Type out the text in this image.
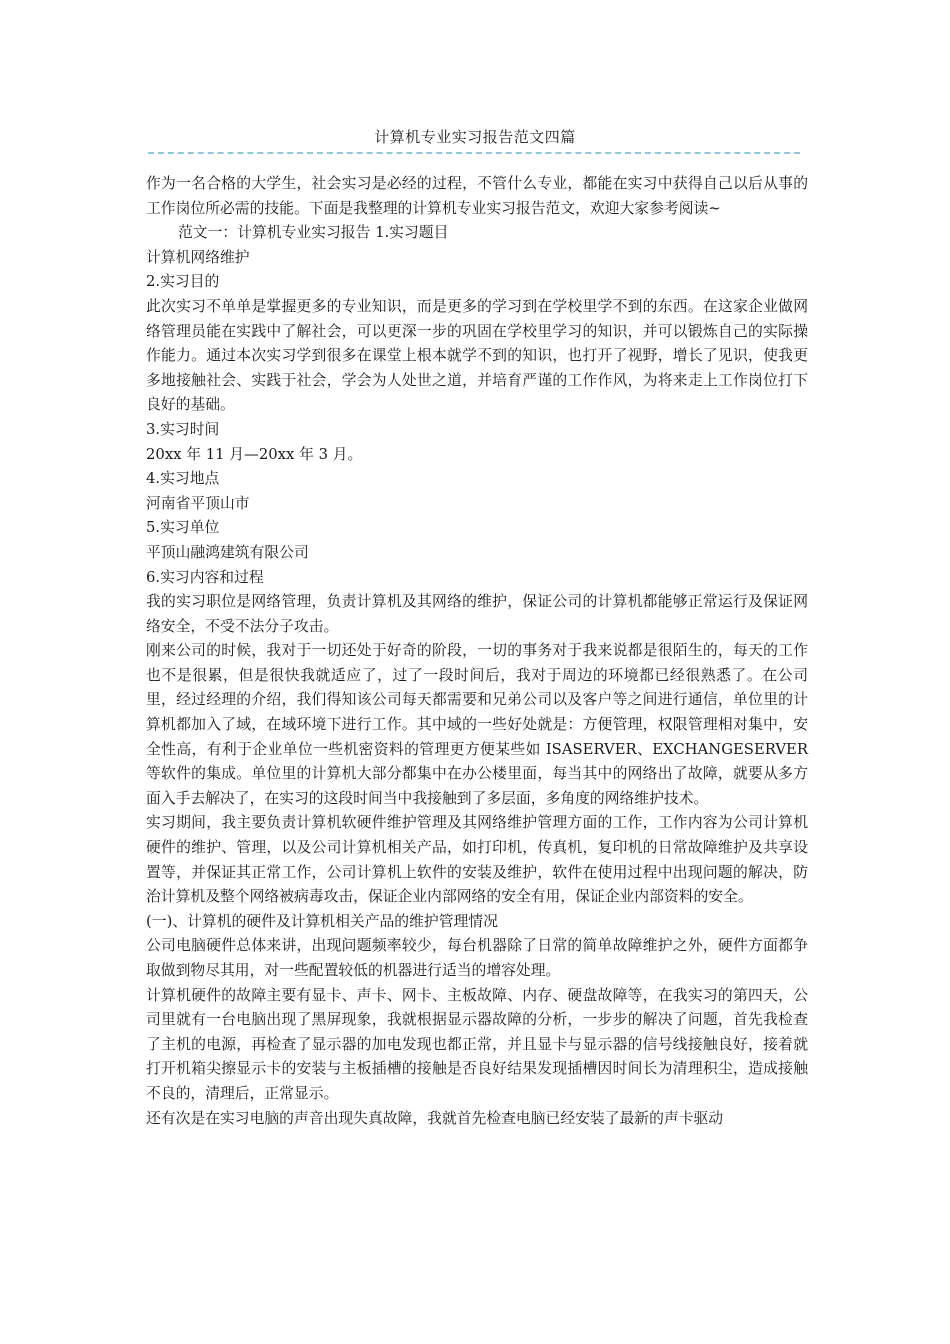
计算机专业实习报告范文四篇

作为一名合格的大学生，社会实习是必经的过程，不管什么专业，都能在实习中获得自己以后从事的工作岗位所必需的技能。下面是我整理的计算机专业实习报告范文，欢迎大家参考阅读~

范文一：计算机专业实习报告 1.实习题目

计算机网络维护

2.实习目的

此次实习不单单是掌握更多的专业知识，而是更多的学习到在学校里学不到的东西。在这家企业做网络管理员能在实践中了解社会，可以更深一步的巩固在学校里学习的知识，并可以锻炼自己的实际操作能力。通过本次实习学到很多在课堂上根本就学不到的知识，也打开了视野，增长了见识，使我更多地接触社会、实践于社会，学会为人处世之道，并培育严谨的工作作风，为将来走上工作岗位打下良好的基础。

3.实习时间

20xx 年 11 月—20xx 年 3 月。

4.实习地点

河南省平顶山市

5.实习单位

平顶山融鸿建筑有限公司

6.实习内容和过程

我的实习职位是网络管理，负责计算机及其网络的维护，保证公司的计算机都能够正常运行及保证网络安全，不受不法分子攻击。

刚来公司的时候，我对于一切还处于好奇的阶段，一切的事务对于我来说都是很陌生的，每天的工作也不是很累，但是很快我就适应了，过了一段时间后，我对于周边的环境都已经很熟悉了。在公司里，经过经理的介绍，我们得知该公司每天都需要和兄弟公司以及客户等之间进行通信，单位里的计算机都加入了域，在域环境下进行工作。其中域的一些好处就是：方便管理，权限管理相对集中，安全性高，有利于企业单位一些机密资料的管理更方便某些如 ISASERVER、EXCHANGESERVER 等软件的集成。单位里的计算机大部分都集中在办公楼里面，每当其中的网络出了故障，就要从多方面入手去解决了，在实习的这段时间当中我接触到了多层面，多角度的网络维护技术。

实习期间，我主要负责计算机软硬件维护管理及其网络维护管理方面的工作，工作内容为公司计算机硬件的维护、管理，以及公司计算机相关产品，如打印机，传真机，复印机的日常故障维护及共享设置等，并保证其正常工作，公司计算机上软件的安装及维护，软件在使用过程中出现问题的解决，防治计算机及整个网络被病毒攻击，保证企业内部网络的安全有用，保证企业内部资料的安全。

(一)、计算机的硬件及计算机相关产品的维护管理情况

公司电脑硬件总体来讲，出现问题频率较少，每台机器除了日常的简单故障维护之外，硬件方面都争取做到物尽其用，对一些配置较低的机器进行适当的增容处理。

计算机硬件的故障主要有显卡、声卡、网卡、主板故障、内存、硬盘故障等，在我实习的第四天，公司里就有一台电脑出现了黑屏现象，我就根据显示器故障的分析，一步步的解决了问题，首先我检查了主机的电源，再检查了显示器的加电发现也都正常，并且显卡与显示器的信号线接触良好，接着就打开机箱尖擦显示卡的安装与主板插槽的接触是否良好结果发现插槽因时间长为清理积尘，造成接触不良的，清理后，正常显示。

还有次是在实习电脑的声音出现失真故障，我就首先检查电脑已经安装了最新的声卡驱动
